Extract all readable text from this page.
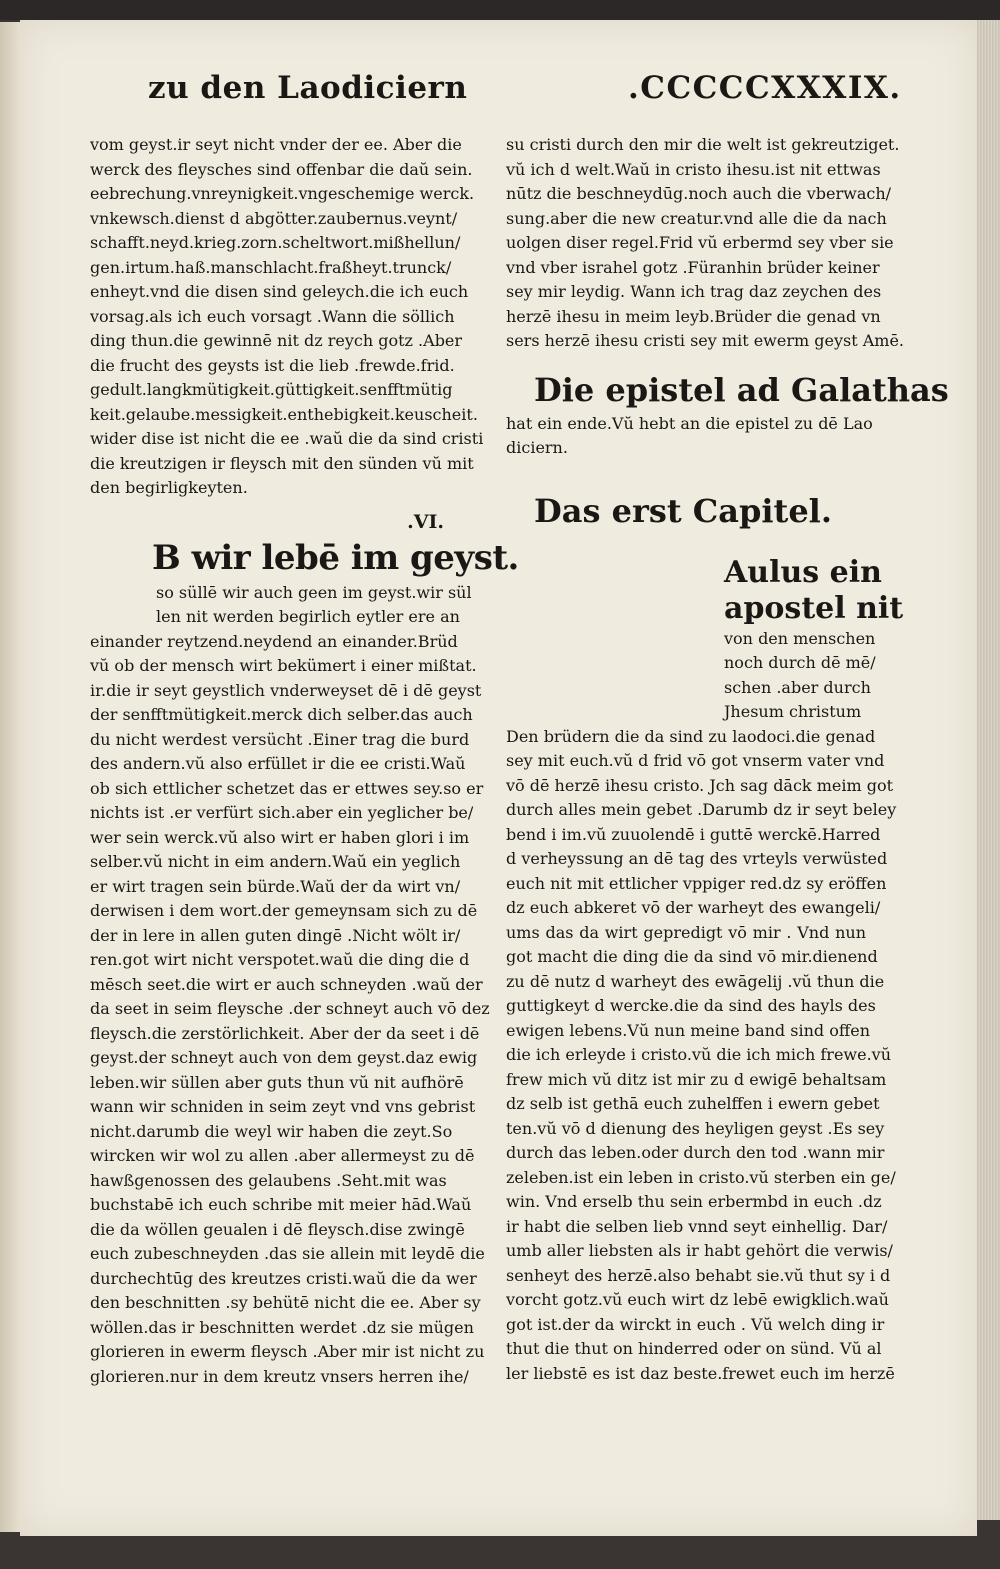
zu den Laodiciern	.CCCCCXXXIX.
vom geyst.ir seyt nicht vnder der ee. Aber die
werck des fleysches sind offenbar die daŭ sein.
eebrechung.vnreynigkeit.vngeschemige werck.
vnkewsch.dienst d abgötter.zaubernus.veynt/
schafft.neyd.krieg.zorn.scheltwort.mißhellun/
gen.irtum.haß.manschlacht.fraßheyt.trunck/
enheyt.vnd die disen sind geleych.die ich euch
vorsag.als ich euch vorsagt .Wann die söllich
ding thun.die gewinnē nit dz reych gotz .Aber
die frucht des geysts ist die lieb .frewde.frid.
gedult.langkmütigkeit.güttigkeit.senfftmütig
keit.gelaube.messigkeit.enthebigkeit.keuscheit.
wider dise ist nicht die ee .waŭ die da sind cristi
die kreutzigen ir fleysch mit den sünden vŭ mit
den begirligkeyten.
.VI.
B wir lebē im geyst.
so süllē wir auch geen im geyst.wir sül
len nit werden begirlich eytler ere an
einander reytzend.neydend an einander.Brüd
vŭ ob der mensch wirt bekümert i einer mißtat.
ir.die ir seyt geystlich vnderweyset dē i dē geyst
der senfftmütigkeit.merck dich selber.das auch
du nicht werdest versücht .Einer trag die burd
des andern.vŭ also erfüllet ir die ee cristi.Waŭ
ob sich ettlicher schetzet das er ettwes sey.so er
nichts ist .er verfürt sich.aber ein yeglicher be/
wer sein werck.vŭ also wirt er haben glori i im
selber.vŭ nicht in eim andern.Waŭ ein yeglich
er wirt tragen sein bürde.Waŭ der da wirt vn/
derwisen i dem wort.der gemeynsam sich zu dē
der in lere in allen guten dingē .Nicht wölt ir/
ren.got wirt nicht verspotet.waŭ die ding die d
mēsch seet.die wirt er auch schneyden .waŭ der
da seet in seim fleysche .der schneyt auch vō dez
fleysch.die zerstörlichkeit. Aber der da seet i dē
geyst.der schneyt auch von dem geyst.daz ewig
leben.wir süllen aber guts thun vŭ nit aufhörē
wann wir schniden in seim zeyt vnd vns gebrist
nicht.darumb die weyl wir haben die zeyt.So
wircken wir wol zu allen .aber allermeyst zu dē
hawßgenossen des gelaubens .Seht.mit was
buchstabē ich euch schribe mit meier hād.Waŭ
die da wöllen geualen i dē fleysch.dise zwingē
euch zubeschneyden .das sie allein mit leydē die
durchechtūg des kreutzes cristi.waŭ die da wer
den beschnitten .sy behütē nicht die ee. Aber sy
wöllen.das ir beschnitten werdet .dz sie mügen
glorieren in ewerm fleysch .Aber mir ist nicht zu
glorieren.nur in dem kreutz vnsers herren ihe/
su cristi durch den mir die welt ist gekreutziget.
vŭ ich d welt.Waŭ in cristo ihesu.ist nit ettwas
nūtz die beschneydūg.noch auch die vberwach/
sung.aber die new creatur.vnd alle die da nach
uolgen diser regel.Frid vŭ erbermd sey vber sie
vnd vber israhel gotz .Füranhin brüder keiner
sey mir leydig. Wann ich trag daz zeychen des
herzē ihesu in meim leyb.Brüder die genad vn
sers herzē ihesu cristi sey mit ewerm geyst Amē.
Die epistel ad Galathas
hat ein ende.Vŭ hebt an die epistel zu dē Lao
diciern.
Das erst Capitel.
Aulus ein
apostel nit
von den menschen
noch durch dē mē/
schen .aber durch
Jhesum christum
Den brüdern die da sind zu laodoci.die genad
sey mit euch.vŭ d frid vō got vnserm vater vnd
vō dē herzē ihesu cristo. Jch sag dāck meim got
durch alles mein gebet .Darumb dz ir seyt beley
bend i im.vŭ zuuolendē i guttē werckē.Harred
d verheyssung an dē tag des vrteyls verwüsted
euch nit mit ettlicher vppiger red.dz sy eröffen
dz euch abkeret vō der warheyt des ewangeli/
ums das da wirt gepredigt vō mir . Vnd nun
got macht die ding die da sind vō mir.dienend
zu dē nutz d warheyt des ewāgelij .vŭ thun die
guttigkeyt d wercke.die da sind des hayls des
ewigen lebens.Vŭ nun meine band sind offen
die ich erleyde i cristo.vŭ die ich mich frewe.vŭ
frew mich vŭ ditz ist mir zu d ewigē behaltsam
dz selb ist gethā euch zuhelffen i ewern gebet
ten.vŭ vō d dienung des heyligen geyst .Es sey
durch das leben.oder durch den tod .wann mir
zeleben.ist ein leben in cristo.vŭ sterben ein ge/
win. Vnd erselb thu sein erbermbd in euch .dz
ir habt die selben lieb vnnd seyt einhellig. Dar/
umb aller liebsten als ir habt gehört die verwis/
senheyt des herzē.also behabt sie.vŭ thut sy i d
vorcht gotz.vŭ euch wirt dz lebē ewigklich.waŭ
got ist.der da wirckt in euch . Vŭ welch ding ir
thut die thut on hinderred oder on sünd. Vŭ al
ler liebstē es ist daz beste.frewet euch im herzē
